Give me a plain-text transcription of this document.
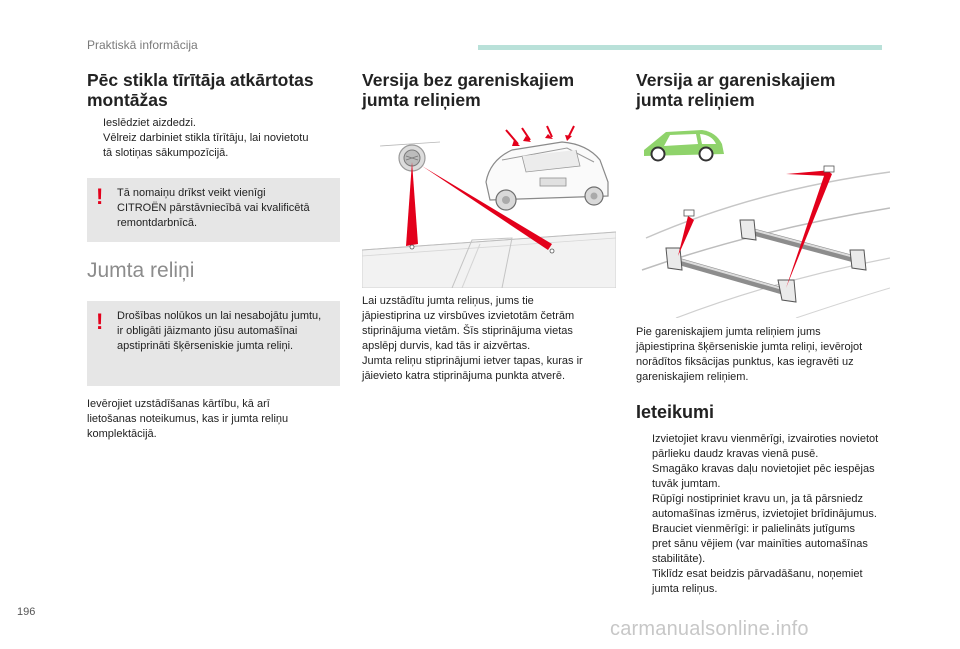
Praktiskā informācija
Pēc stikla tīrītāja atkārtotas
montāžas
Ieslēdziet aizdedzi.
Vēlreiz darbiniet stikla tīrītāju, lai novietotu
tā slotiņas sākumpozīcijā.
! Tā nomaiņu drīkst veikt vienīgi
CITROËN pārstāvniecībā vai kvalificētā
remontdarbnīcā.
Jumta reliņi
! Drošības nolūkos un lai nesabojātu jumtu,
ir obligāti jāizmanto jūsu automašīnai
apstiprināti šķērseniskie jumta reliņi.
Ievērojiet uzstādīšanas kārtību, kā arī
lietošanas noteikumus, kas ir jumta reliņu
komplektācijā.
Versija bez gareniskajiem
jumta reliņiem
Lai uzstādītu jumta reliņus, jums tie
jāpiestiprina uz virsbūves izvietotām četrām
stiprinājuma vietām. Šīs stiprinājuma vietas
apslēpj durvis, kad tās ir aizvērtas.
Jumta reliņu stiprinājumi ietver tapas, kuras ir
jāievieto katra stiprinājuma punkta atverē.
Versija ar gareniskajiem
jumta reliņiem
Pie gareniskajiem jumta reliņiem jums
jāpiestiprina šķērseniskie jumta reliņi, ievērojot
norādītos fiksācijas punktus, kas iegravēti uz
gareniskajiem reliņiem.
Ieteikumi
Izvietojiet kravu vienmērīgi, izvairoties novietot
pārlieku daudz kravas vienā pusē.
Smagāko kravas daļu novietojiet pēc iespējas
tuvāk jumtam.
Rūpīgi nostipriniet kravu un, ja tā pārsniedz
automašīnas izmērus, izvietojiet brīdinājumus.
Brauciet vienmērīgi: ir palielināts jutīgums
pret sānu vējiem (var mainīties automašīnas
stabilitāte).
Tiklīdz esat beidzis pārvadāšanu, noņemiet
jumta reliņus.
196
carmanualsonline.info
